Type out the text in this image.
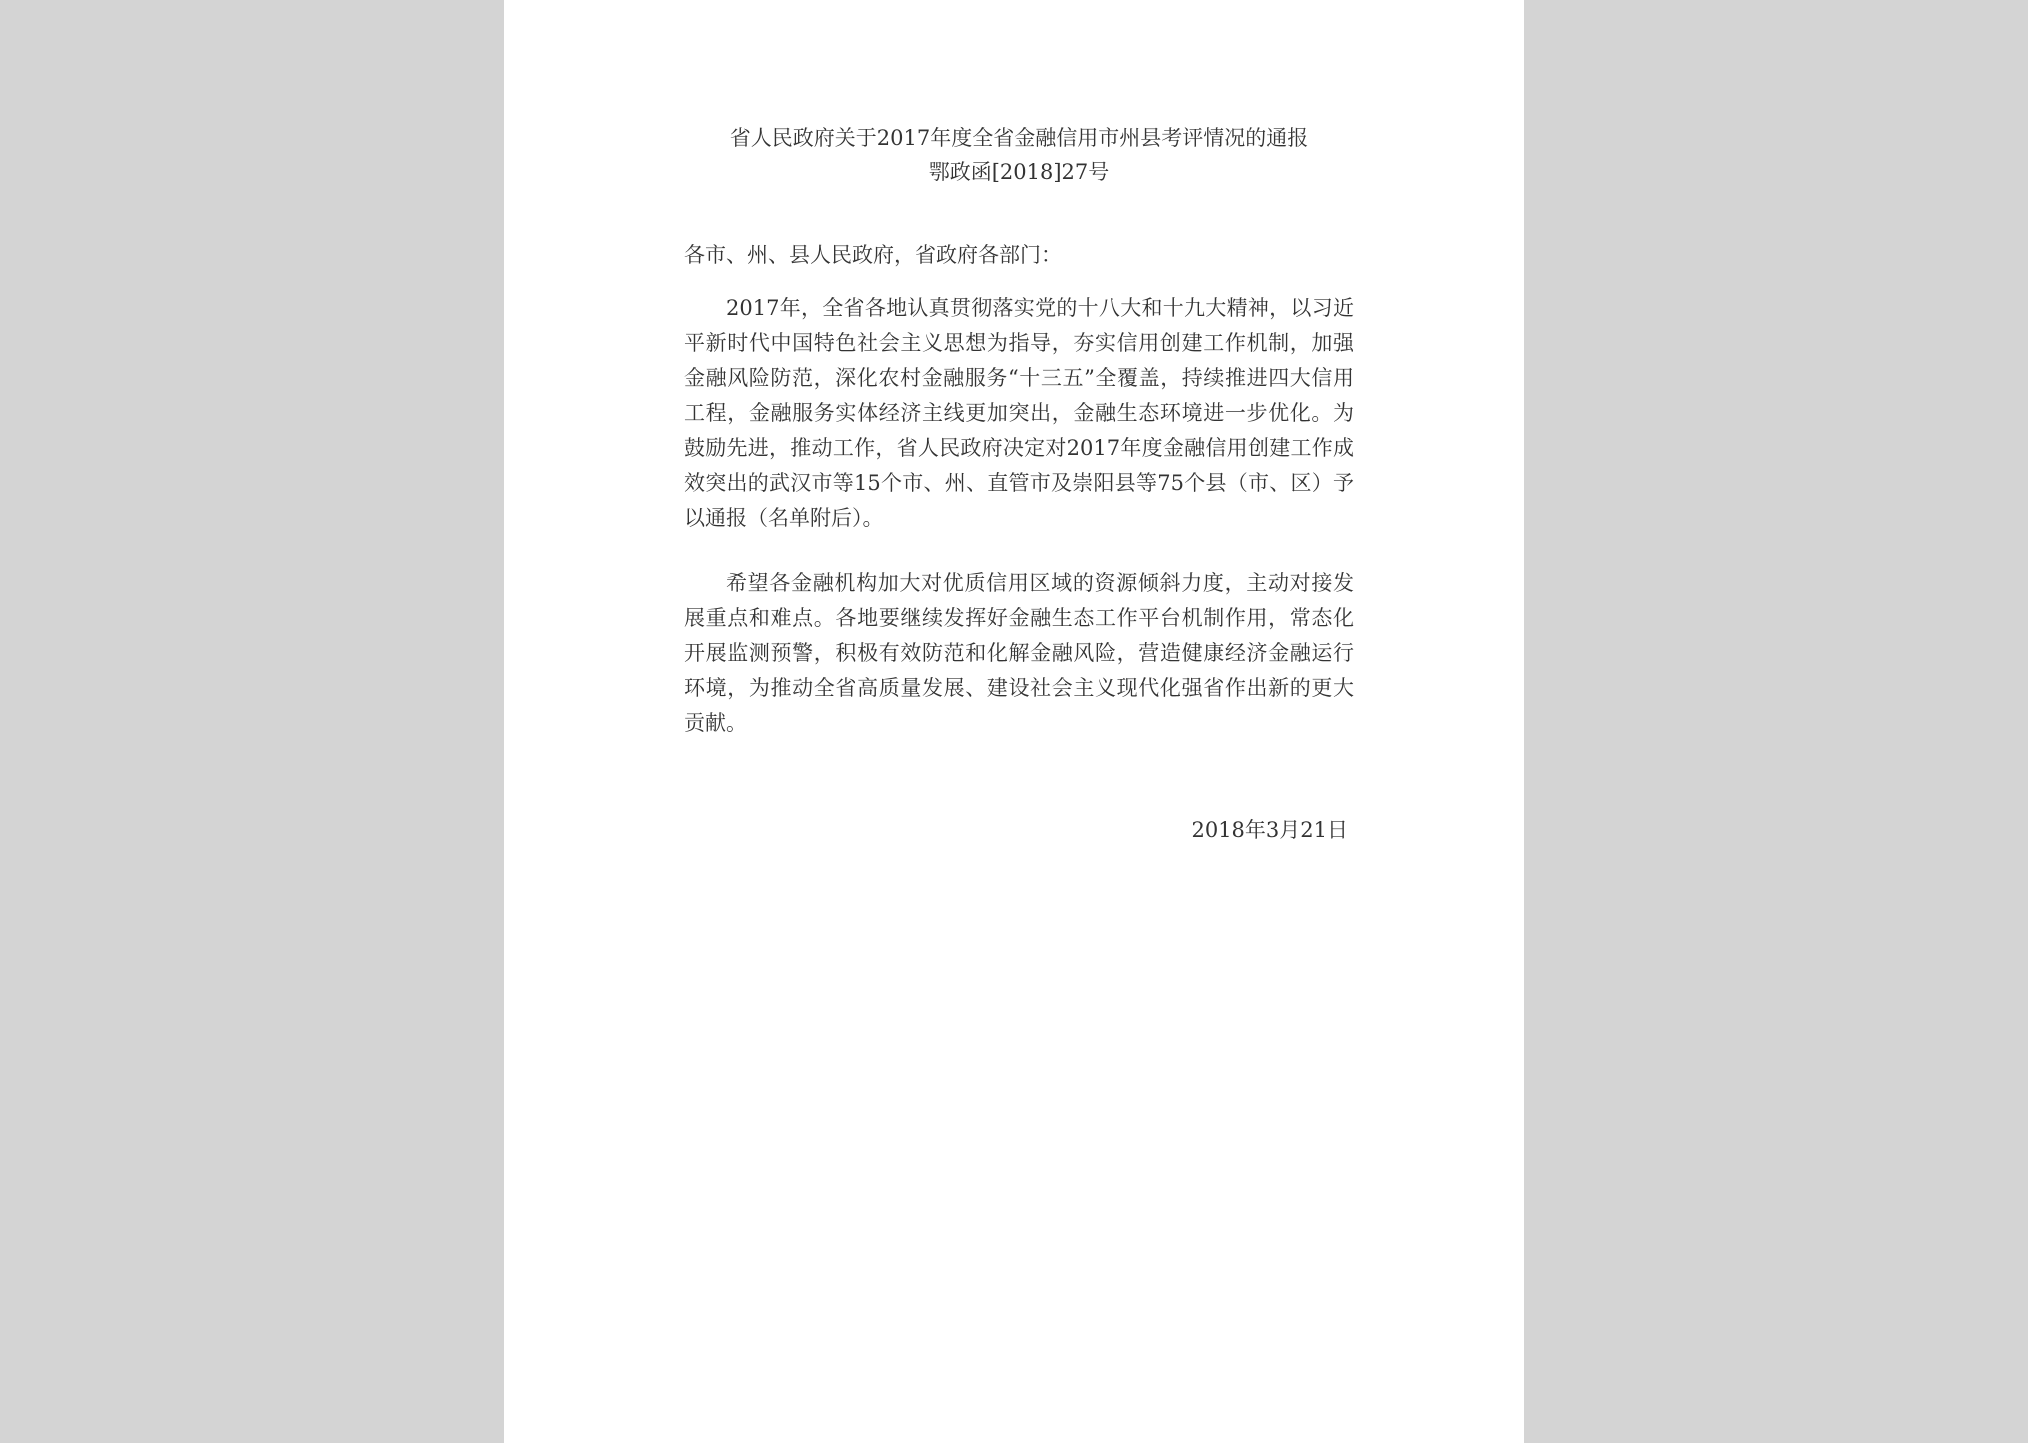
省人民政府关于2017年度全省金融信用市州县考评情况的通报
鄂政函[2018]27号

各市、州、县人民政府，省政府各部门：

2017年，全省各地认真贯彻落实党的十八大和十九大精神，以习近平新时代中国特色社会主义思想为指导，夯实信用创建工作机制，加强金融风险防范，深化农村金融服务“十三五”全覆盖，持续推进四大信用工程，金融服务实体经济主线更加突出，金融生态环境进一步优化。为鼓励先进，推动工作，省人民政府决定对2017年度金融信用创建工作成效突出的武汉市等15个市、州、直管市及崇阳县等75个县（市、区）予以通报（名单附后）。

希望各金融机构加大对优质信用区域的资源倾斜力度，主动对接发展重点和难点。各地要继续发挥好金融生态工作平台机制作用，常态化开展监测预警，积极有效防范和化解金融风险，营造健康经济金融运行环境，为推动全省高质量发展、建设社会主义现代化强省作出新的更大贡献。

2018年3月21日
